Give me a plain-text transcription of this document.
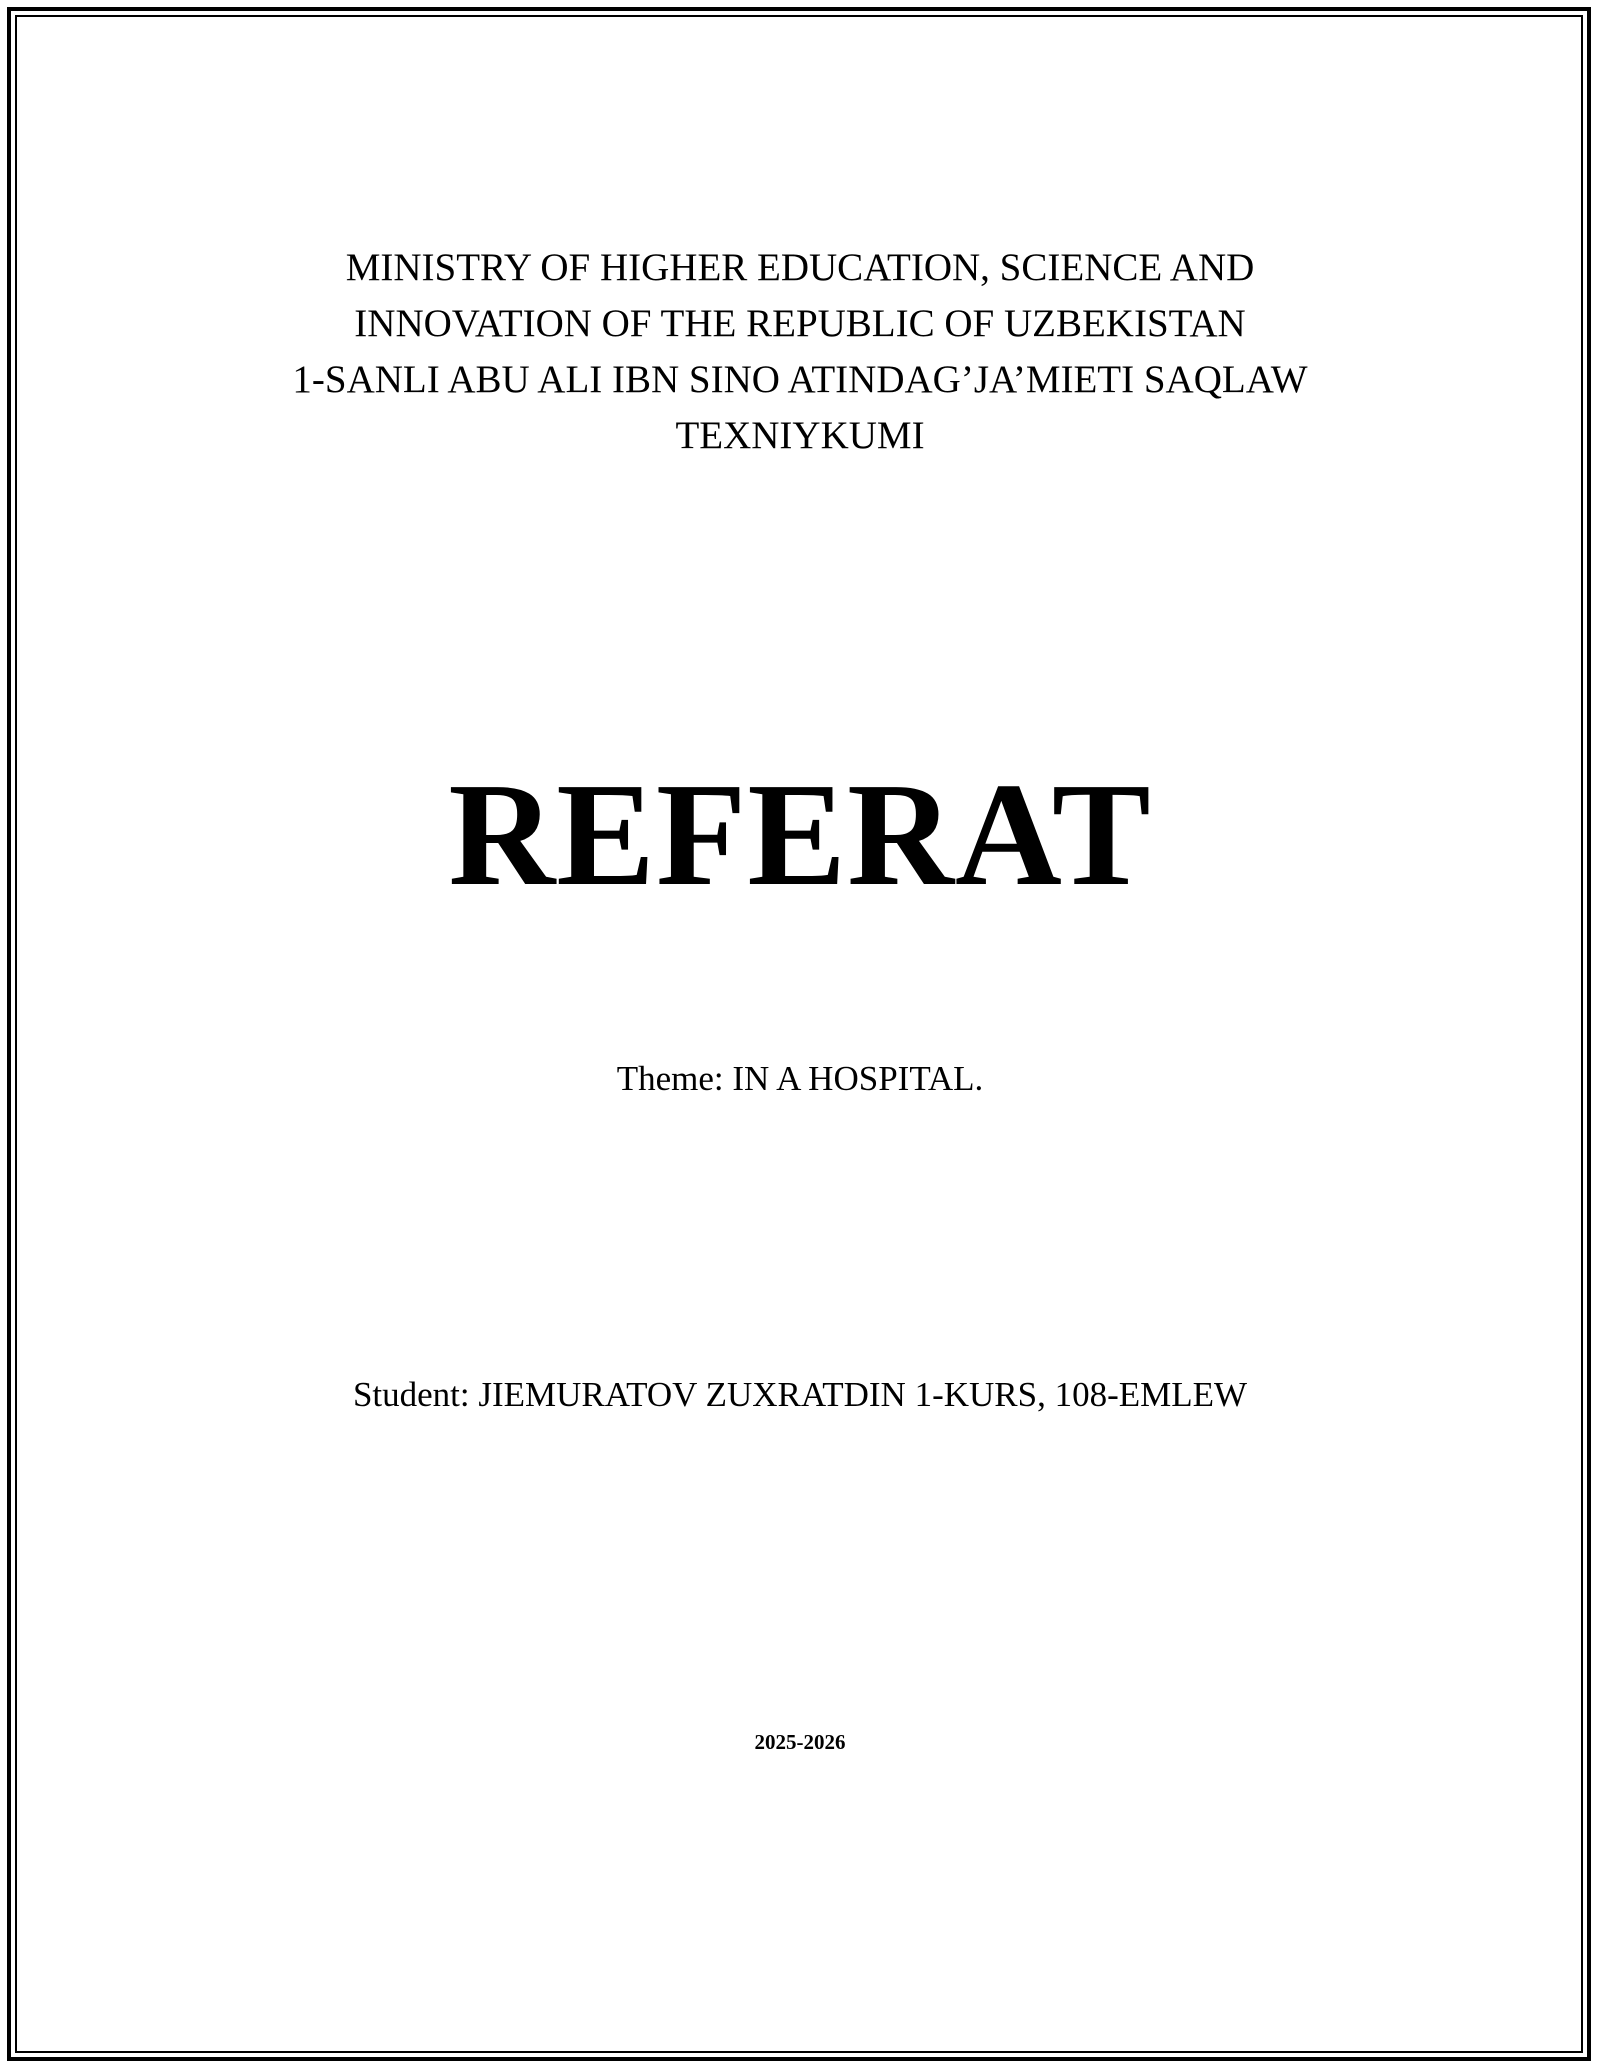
MINISTRY OF HIGHER EDUCATION, SCIENCE AND
INNOVATION OF THE REPUBLIC OF UZBEKISTAN
1-SANLI ABU ALI IBN SINO ATINDAG’JA’MIETI SAQLAW
TEXNIYKUMI
REFERAT
Theme: IN A HOSPITAL.
Student: JIEMURATOV ZUXRATDIN 1-KURS, 108-EMLEW
2025-2026
